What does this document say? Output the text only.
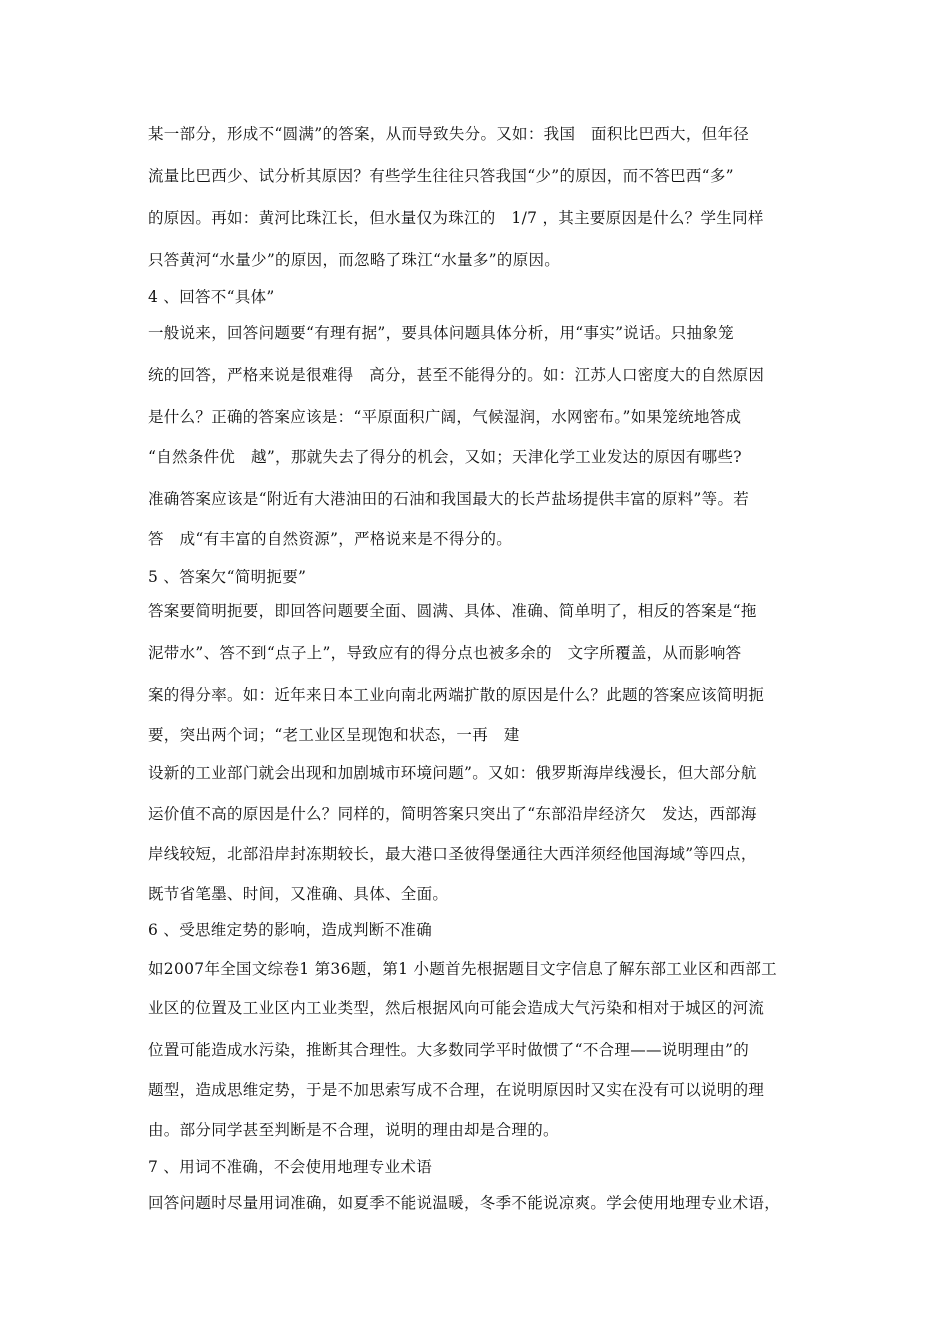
某一部分，形成不“圆满”的答案，从而导致失分。又如：我国　面积比巴西大，但年径
流量比巴西少、试分析其原因？有些学生往往只答我国“少”的原因，而不答巴西“多”
的原因。再如：黄河比珠江长，但水量仅为珠江的　1/7 ，其主要原因是什么？学生同样
只答黄河“水量少”的原因，而忽略了珠江“水量多”的原因。
4 、回答不“具体”
一般说来，回答问题要“有理有据”，要具体问题具体分析，用“事实”说话。只抽象笼
统的回答，严格来说是很难得　高分，甚至不能得分的。如：江苏人口密度大的自然原因
是什么？正确的答案应该是：“平原面积广阔，气候湿润，水网密布。”如果笼统地答成
“自然条件优　越”，那就失去了得分的机会，又如；天津化学工业发达的原因有哪些?
准确答案应该是“附近有大港油田的石油和我国最大的长芦盐场提供丰富的原料”等。若
答　成“有丰富的自然资源”，严格说来是不得分的。
5 、答案欠“简明扼要”
答案要简明扼要，即回答问题要全面、圆满、具体、准确、简单明了，相反的答案是“拖
泥带水”、答不到“点子上”，导致应有的得分点也被多余的　文字所覆盖，从而影响答
案的得分率。如：近年来日本工业向南北两端扩散的原因是什么？此题的答案应该简明扼
要，突出两个词；“老工业区呈现饱和状态，一再　建
设新的工业部门就会出现和加剧城市环境问题”。又如：俄罗斯海岸线漫长，但大部分航
运价值不高的原因是什么？同样的，简明答案只突出了“东部沿岸经济欠　发达，西部海
岸线较短，北部沿岸封冻期较长，最大港口圣彼得堡通往大西洋须经他国海域”等四点，
既节省笔墨、时间，又准确、具体、全面。
6 、受思维定势的影响，造成判断不准确
如2007年全国文综卷1 第36题，第1 小题首先根据题目文字信息了解东部工业区和西部工
业区的位置及工业区内工业类型，然后根据风向可能会造成大气污染和相对于城区的河流
位置可能造成水污染，推断其合理性。大多数同学平时做惯了“不合理——说明理由”的
题型，造成思维定势，于是不加思索写成不合理，在说明原因时又实在没有可以说明的理
由。部分同学甚至判断是不合理，说明的理由却是合理的。
7 、用词不准确，不会使用地理专业术语
回答问题时尽量用词准确，如夏季不能说温暖，冬季不能说凉爽。学会使用地理专业术语，
